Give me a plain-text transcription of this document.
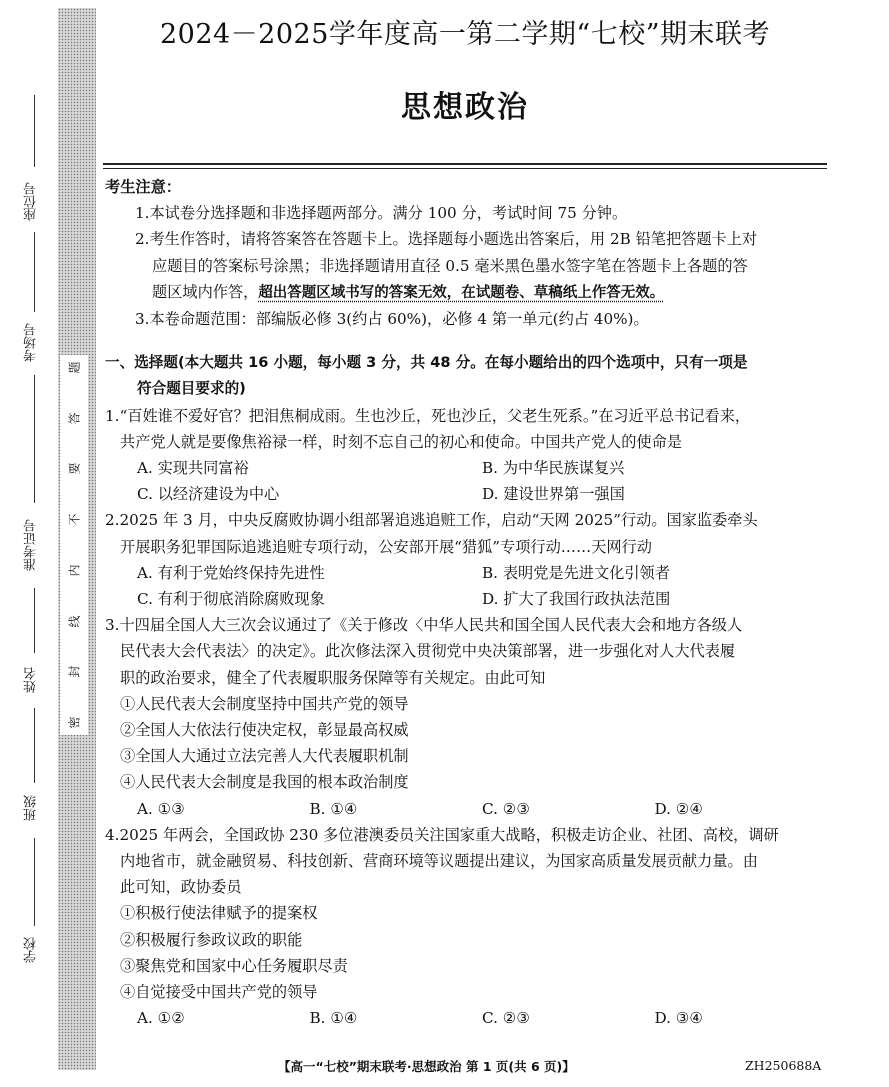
座位号
考场号
准考证号
姓名
班级
学校
题
答
要
不
内
线
封
密
2024－2025学年度高一第二学期“七校”期末联考
思想政治
考生注意：
1.本试卷分选择题和非选择题两部分。满分 100 分，考试时间 75 分钟。
2.考生作答时，请将答案答在答题卡上。选择题每小题选出答案后，用 2B 铅笔把答题卡上对
应题目的答案标号涂黑；非选择题请用直径 0.5 毫米黑色墨水签字笔在答题卡上各题的答
题区域内作答，超出答题区域书写的答案无效，在试题卷、草稿纸上作答无效。
3.本卷命题范围：部编版必修 3(约占 60%)，必修 4 第一单元(约占 40%)。
一、选择题(本大题共 16 小题，每小题 3 分，共 48 分。在每小题给出的四个选项中，只有一项是
符合题目要求的)
1.“百姓谁不爱好官？把泪焦桐成雨。生也沙丘，死也沙丘，父老生死系。”在习近平总书记看来，
共产党人就是要像焦裕禄一样，时刻不忘自己的初心和使命。中国共产党人的使命是
A. 实现共同富裕	B. 为中华民族谋复兴
C. 以经济建设为中心	D. 建设世界第一强国
2.2025 年 3 月，中央反腐败协调小组部署追逃追赃工作，启动“天网 2025”行动。国家监委牵头
开展职务犯罪国际追逃追赃专项行动，公安部开展“猎狐”专项行动……天网行动
A. 有利于党始终保持先进性	B. 表明党是先进文化引领者
C. 有利于彻底消除腐败现象	D. 扩大了我国行政执法范围
3.十四届全国人大三次会议通过了《关于修改〈中华人民共和国全国人民代表大会和地方各级人
民代表大会代表法〉的决定》。此次修法深入贯彻党中央决策部署，进一步强化对人大代表履
职的政治要求，健全了代表履职服务保障等有关规定。由此可知
①人民代表大会制度坚持中国共产党的领导
②全国人大依法行使决定权，彰显最高权威
③全国人大通过立法完善人大代表履职机制
④人民代表大会制度是我国的根本政治制度
A. ①③	B. ①④	C. ②③	D. ②④
4.2025 年两会，全国政协 230 多位港澳委员关注国家重大战略，积极走访企业、社团、高校，调研
内地省市，就金融贸易、科技创新、营商环境等议题提出建议，为国家高质量发展贡献力量。由
此可知，政协委员
①积极行使法律赋予的提案权
②积极履行参政议政的职能
③聚焦党和国家中心任务履职尽责
④自觉接受中国共产党的领导
A. ①②	B. ①④	C. ②③	D. ③④
【高一“七校”期末联考·思想政治 第 1 页(共 6 页)】	ZH250688A
